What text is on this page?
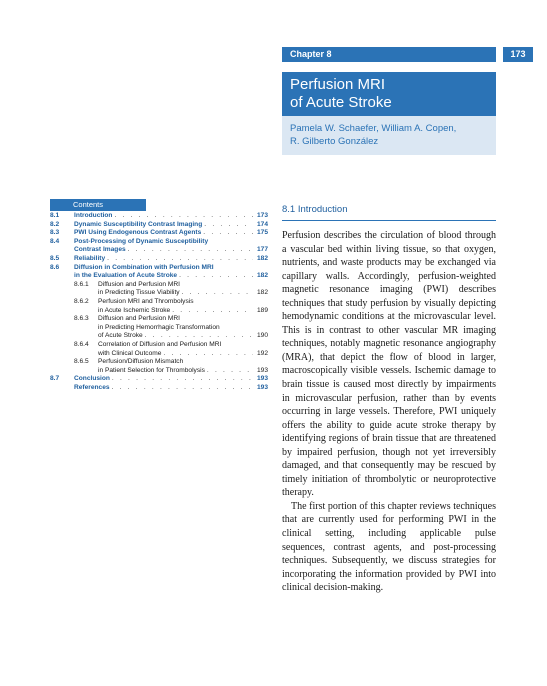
Chapter 8	173
Perfusion MRI
of Acute Stroke
Pamela W. Schaefer, William A. Copen,
R. Gilberto González
Contents
8.1	Introduction . . .	173
8.2	Dynamic Susceptibility Contrast Imaging . . .	174
8.3	PWI Using Endogenous Contrast Agents . . .	175
8.4	Post-Processing of Dynamic Susceptibility
Contrast Images . . .	177
8.5	Reliability . . .	182
8.6	Diffusion in Combination with Perfusion MRI
in the Evaluation of Acute Stroke . . .	182
8.6.1	Diffusion and Perfusion MRI
in Predicting Tissue Viability . . .	182
8.6.2	Perfusion MRI and Thrombolysis
in Acute Ischemic Stroke . . .	189
8.6.3	Diffusion and Perfusion MRI
in Predicting Hemorrhagic Transformation
of Acute Stroke . . .	190
8.6.4	Correlation of Diffusion and Perfusion MRI
with Clinical Outcome . . .	192
8.6.5	Perfusion/Diffusion Mismatch
in Patient Selection for Thrombolysis . . .	193
8.7	Conclusion . . .	193
References . . .	193
8.1 Introduction

Perfusion describes the circulation of blood through a vascular bed within living tissue, so that oxygen, nutrients, and waste products may be exchanged via capillary walls. Accordingly, perfusion-weighted magnetic resonance imaging (PWI) describes techniques that study perfusion by visually depicting hemodynamic conditions at the microvascular level. This is in contrast to other vascular MR imaging techniques, notably magnetic resonance angiography (MRA), that depict the flow of blood in larger, macroscopically visible vessels. Ischemic damage to brain tissue is caused most directly by impairments in microvascular perfusion, rather than by events occurring in large vessels. Therefore, PWI uniquely offers the ability to guide acute stroke therapy by identifying regions of brain tissue that are threatened by impaired perfusion, though not yet irreversibly damaged, and that consequently may be rescued by timely initiation of thrombolytic or neuroprotective therapy.

The first portion of this chapter reviews techniques that are currently used for performing PWI in the clinical setting, including applicable pulse sequences, contrast agents, and post-processing techniques. Subsequently, we discuss strategies for incorporating the information provided by PWI into clinical decision-making.
